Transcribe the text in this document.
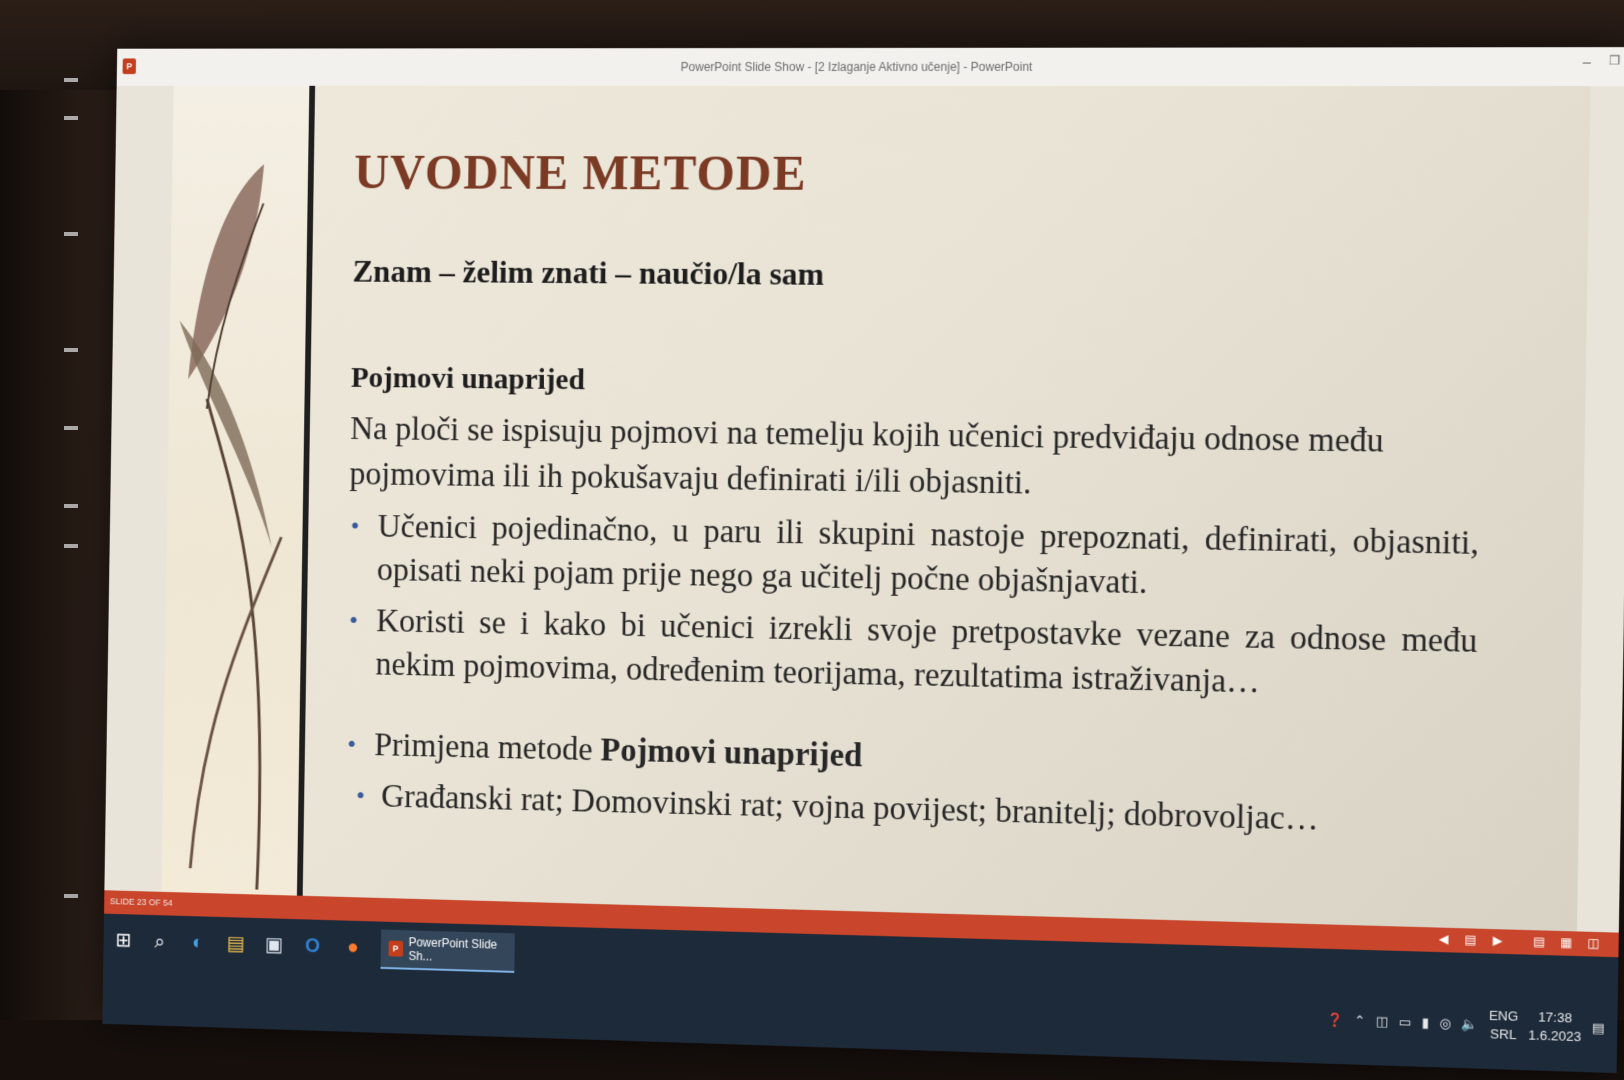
P	PowerPoint Slide Show - [2 Izlaganje Aktivno učenje] - PowerPoint	– ❐
UVODNE METODE
Znam – želim znati – naučio/la sam
Pojmovi unaprijed

Na ploči se ispisuju pojmovi na temelju kojih učenici predviđaju odnose među pojmovima ili ih pokušavaju definirati i/ili objasniti.

• Učenici pojedinačno, u paru ili skupini nastoje prepoznati, definirati, objasniti, opisati neki pojam prije nego ga učitelj počne objašnjavati.
• Koristi se i kako bi učenici izrekli svoje pretpostavke vezane za odnose među nekim pojmovima, određenim teorijama, rezultatima istraživanja…
• Primjena metode Pojmovi unaprijed
• Građanski rat; Domovinski rat; vojna povijest; branitelj; dobrovoljac…
SLIDE 23 OF 54
◀ ▤ ▶	▤ ▦ ◫
⊞	⌕	◐	▤ ▣ O	●	P PowerPoint Slide Sh...
❓ ⌃ ◫ ▭ ▮ ◎ 🔈
ENG
SRL
17:38
1.6.2023 ▤
